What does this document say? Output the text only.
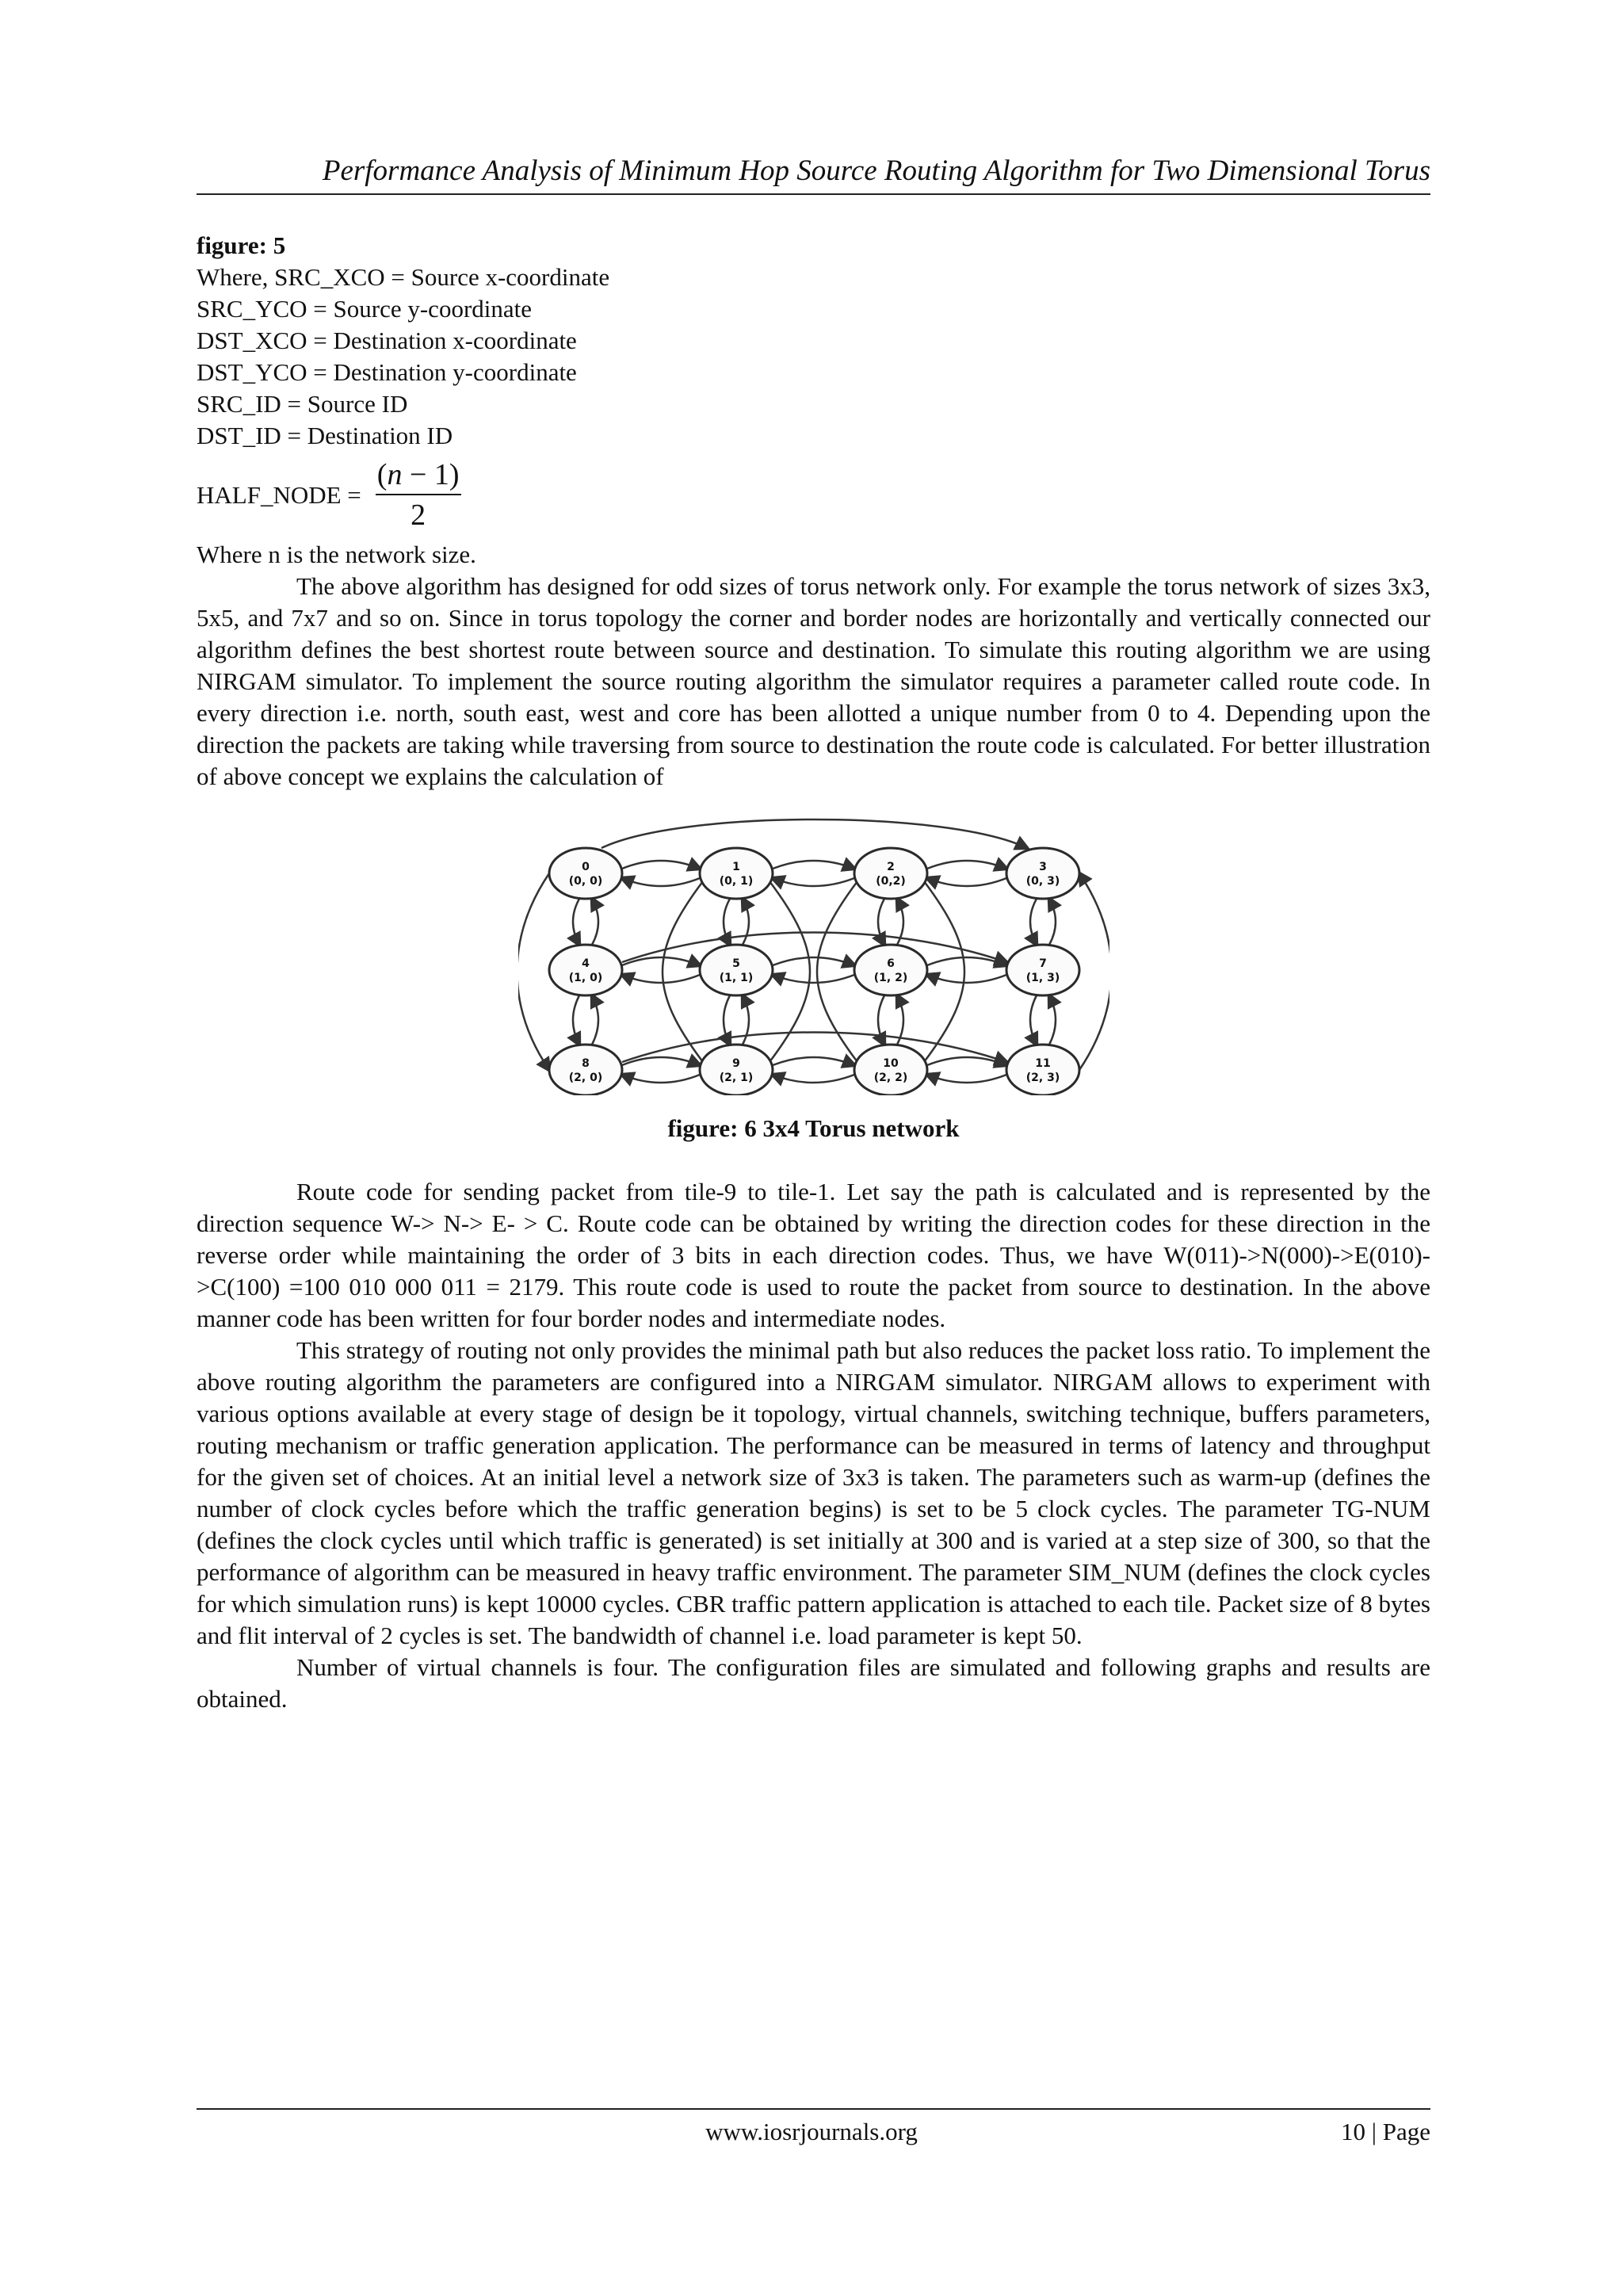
Performance Analysis of Minimum Hop Source Routing Algorithm for Two Dimensional Torus
figure: 5
Where, SRC_XCO = Source x-coordinate
SRC_YCO = Source y-coordinate
DST_XCO = Destination x-coordinate
DST_YCO = Destination y-coordinate
SRC_ID = Source ID
DST_ID = Destination ID
HALF_NODE = $\frac{(n - 1)}{2}$
Where n is the network size.

The above algorithm has designed for odd sizes of torus network only. For example the torus network of sizes 3x3, 5x5, and 7x7 and so on. Since in torus topology the corner and border nodes are horizontally and vertically connected our algorithm defines the best shortest route between source and destination. To simulate this routing algorithm we are using NIRGAM simulator. To implement the source routing algorithm the simulator requires a parameter called route code. In every direction i.e. north, south east, west and core has been allotted a unique number from 0 to 4. Depending upon the direction the packets are taking while traversing from source to destination the route code is calculated. For better illustration of above concept we explains the calculation of

0
(0, 0)
1
(0, 1)
2
(0,2)
3
(0, 3)
4
(1, 0)
5
(1, 1)
6
(1, 2)
7
(1, 3)
8
(2, 0)
9
(2, 1)
10
(2, 2)
11
(2, 3)
figure: 6 3x4 Torus network

Route code for sending packet from tile-9 to tile-1. Let say the path is calculated and is represented by the direction sequence W-> N-> E- > C. Route code can be obtained by writing the direction codes for these direction in the reverse order while maintaining the order of 3 bits in each direction codes. Thus, we have W(011)->N(000)->E(010)->C(100) =100 010 000 011 = 2179. This route code is used to route the packet from source to destination. In the above manner code has been written for four border nodes and intermediate nodes.

This strategy of routing not only provides the minimal path but also reduces the packet loss ratio. To implement the above routing algorithm the parameters are configured into a NIRGAM simulator. NIRGAM allows to experiment with various options available at every stage of design be it topology, virtual channels, switching technique, buffers parameters, routing mechanism or traffic generation application. The performance can be measured in terms of latency and throughput for the given set of choices. At an initial level a network size of 3x3 is taken. The parameters such as warm-up (defines the number of clock cycles before which the traffic generation begins) is set to be 5 clock cycles. The parameter TG-NUM (defines the clock cycles until which traffic is generated) is set initially at 300 and is varied at a step size of 300, so that the performance of algorithm can be measured in heavy traffic environment. The parameter SIM_NUM (defines the clock cycles for which simulation runs) is kept 10000 cycles. CBR traffic pattern application is attached to each tile. Packet size of 8 bytes and flit interval of 2 cycles is set. The bandwidth of channel i.e. load parameter is kept 50.

Number of virtual channels is four. The configuration files are simulated and following graphs and results are obtained.

www.iosrjournals.org	10 | Page
